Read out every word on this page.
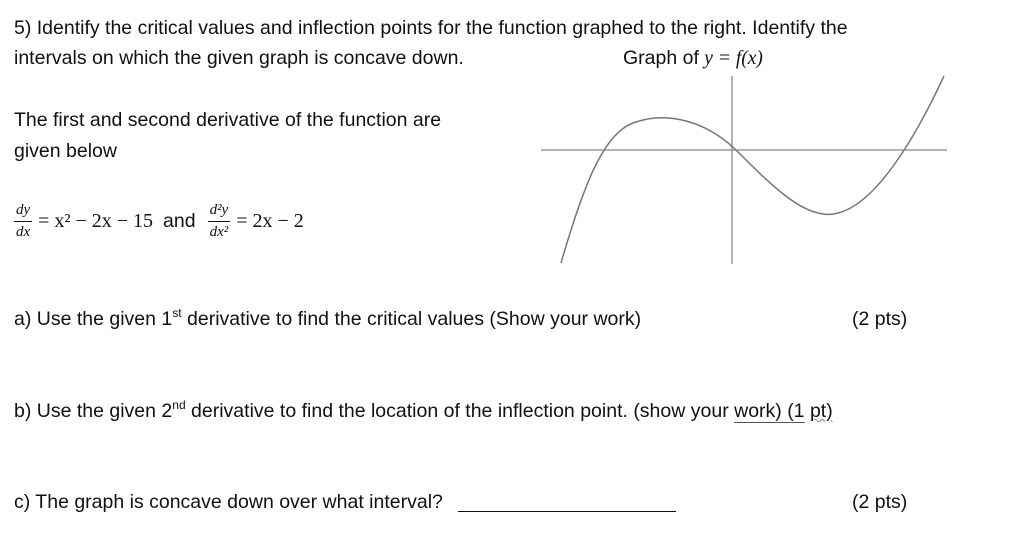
5) Identify the critical values and inflection points for the function graphed to the right. Identify the
intervals on which the given graph is concave down.	Graph of y = f(x)
The first and second derivative of the function are
given below
$\frac{dy}{dx} = x^2 - 2x - 15$ and $\frac{\text{d²y}}{\text{dx²}} = 2x - 2$
a) Use the given 1st derivative to find the critical values (Show your work)	(2 pts)
b) Use the given 2nd derivative to find the location of the inflection point. (show your work) (1 pt)
c) The graph is concave down over what interval?	(2 pts)
